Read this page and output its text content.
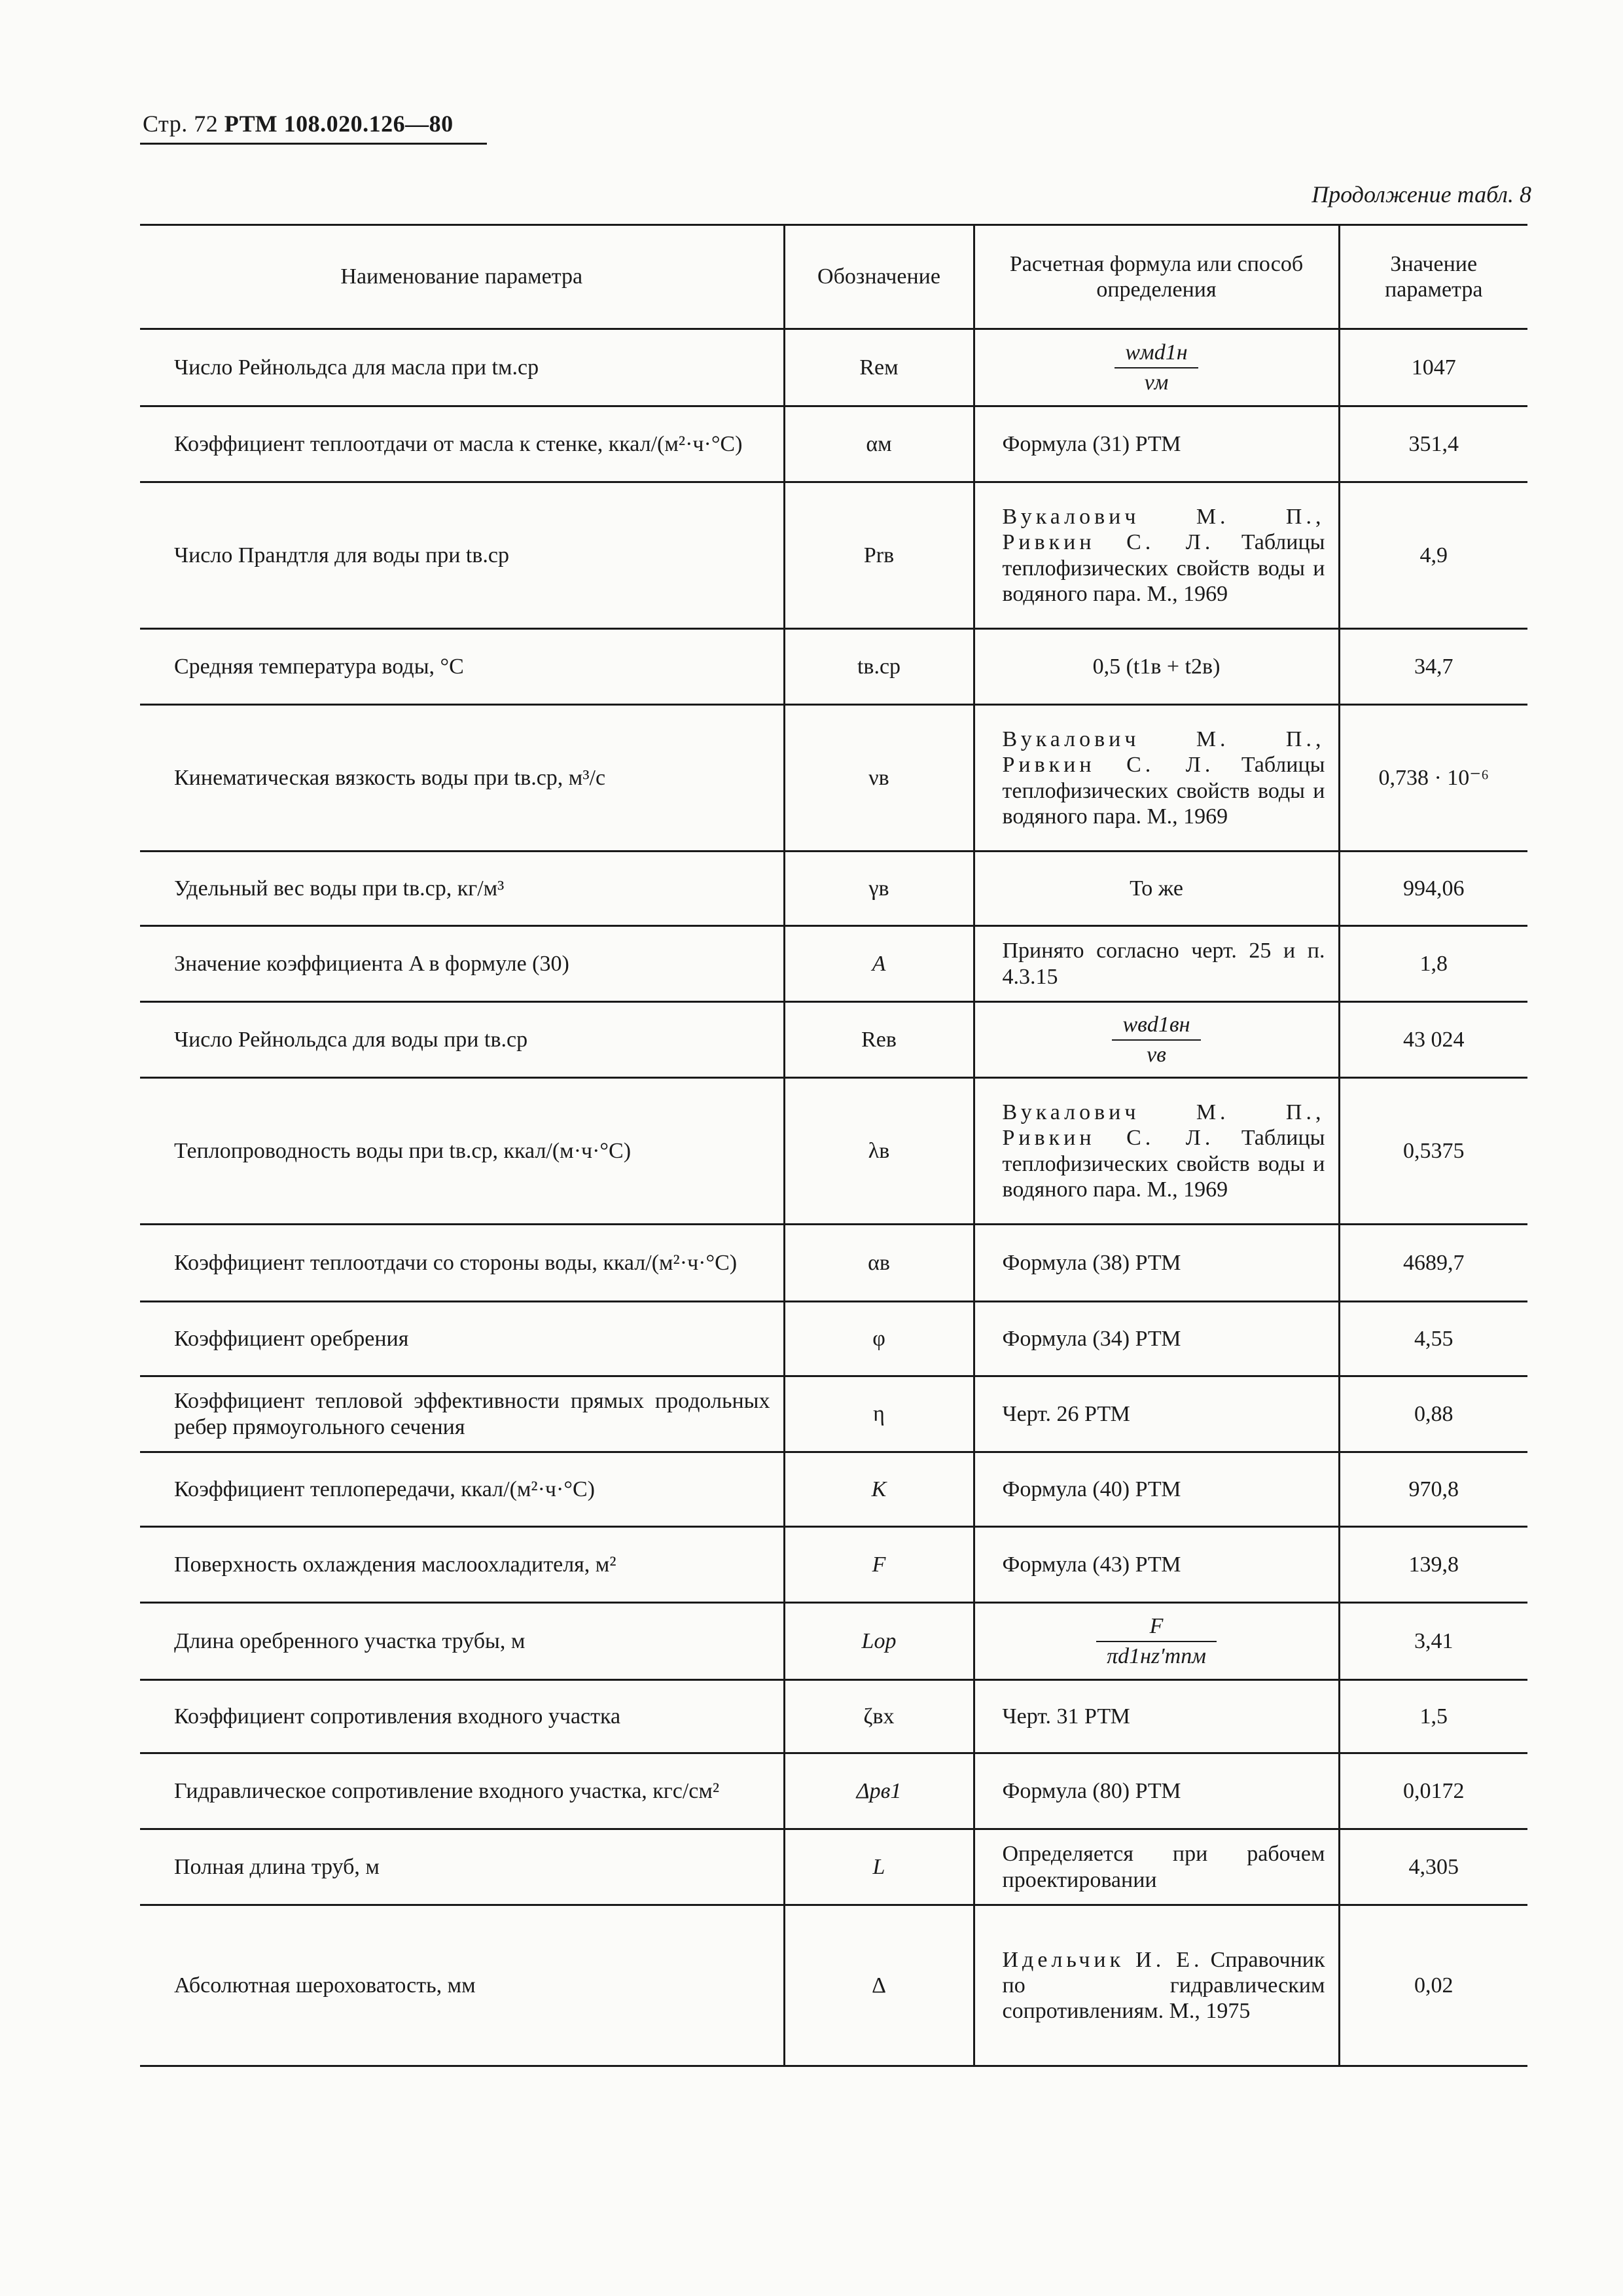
Стр. 72 РТМ 108.020.126—80
Продолжение табл. 8
Наименование параметра	Обозначение	Расчетная формула или способ определения	Значение параметра
Число Рейнольдса для масла при tм.ср	Reм	$\frac{\text{wмd1н}}{\nu м}$	1047
Коэффициент теплоотдачи от масла к стенке, ккал/(м²·ч·°С)	αм	Формула (31) РТМ	351,4
Число Прандтля для воды при tв.ср	Prв	Вукалович М. П., Ривкин С. Л. Таблицы теплофизических свойств воды и водяного пара. М., 1969	4,9
Средняя температура воды, °С	tв.ср	0,5 (t1в + t2в)	34,7
Кинематическая вязкость воды при tв.ср, м³/с	νв	Вукалович М. П., Ривкин С. Л. Таблицы теплофизических свойств воды и водяного пара. М., 1969	0,738 · 10⁻⁶
Удельный вес воды при tв.ср, кг/м³	γв	То же	994,06
Значение коэффициента A в формуле (30)	A	Принято согласно черт. 25 и п. 4.3.15	1,8
Число Рейнольдса для воды при tв.ср	Reв	$\frac{\text{wвd1вн}}{\nu в}$	43 024
Теплопроводность воды при tв.ср, ккал/(м·ч·°С)	λв	Вукалович М. П., Ривкин С. Л. Таблицы теплофизических свойств воды и водяного пара. М., 1969	0,5375
Коэффициент теплоотдачи со стороны воды, ккал/(м²·ч·°С)	αв	Формула (38) РТМ	4689,7
Коэффициент оребрения	φ	Формула (34) РТМ	4,55
Коэффициент тепловой эффективности прямых продольных ребер прямоугольного сечения	η	Черт. 26 РТМ	0,88
Коэффициент теплопередачи, ккал/(м²·ч·°С)	K	Формула (40) РТМ	970,8
Поверхность охлаждения маслоохладителя, м²	F	Формула (43) РТМ	139,8
Длина оребренного участка трубы, м	Lор	$\frac{F}{\text{πd1нz′тnм}}$	3,41
Коэффициент сопротивления входного участка	ζвх	Черт. 31 РТМ	1,5
Гидравлическое сопротивление входного участка, кгс/см²	Δpв1	Формула (80) РТМ	0,0172
Полная длина труб, м	L	Определяется при рабочем проектировании	4,305
Абсолютная шероховатость, мм	Δ	Идельчик И. Е. Справочник по гидравлическим сопротивлениям. М., 1975	0,02
